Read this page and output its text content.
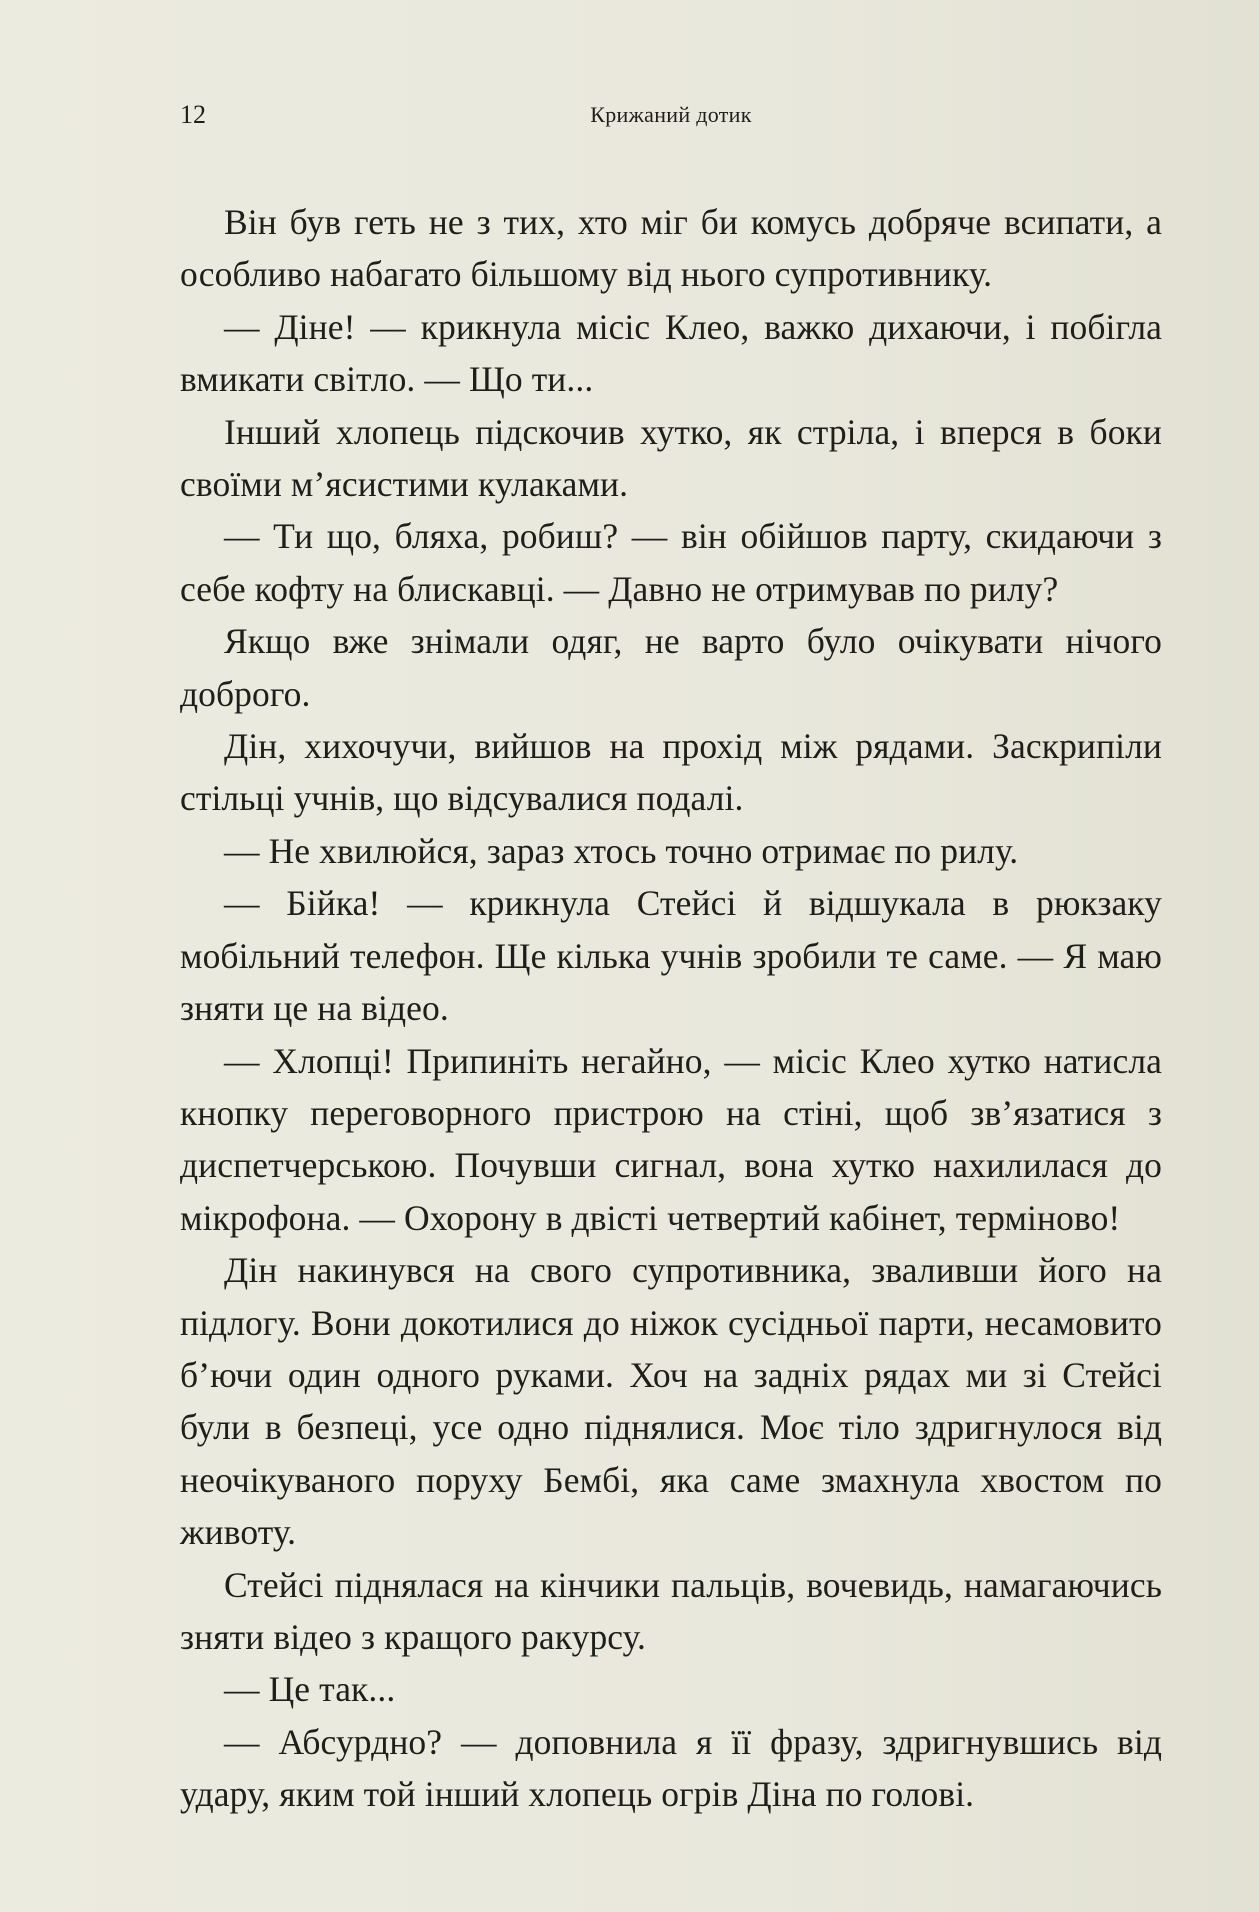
12	Крижаний дотик

Він був геть не з тих, хто міг би комусь добряче всипати, а особливо набагато більшому від нього супротивнику.

— Діне! — крикнула місіс Клео, важко дихаючи, і побігла вмикати світло. — Що ти...

Інший хлопець підскочив хутко, як стріла, і вперся в боки своїми м’ясистими кулаками.

— Ти що, бляха, робиш? — він обійшов парту, скидаючи з себе кофту на блискавці. — Давно не отримував по рилу?

Якщо вже знімали одяг, не варто було очікувати нічого доброго.

Дін, хихочучи, вийшов на прохід між рядами. Заскрипіли стільці учнів, що відсувалися подалі.

— Не хвилюйся, зараз хтось точно отримає по рилу.

— Бійка! — крикнула Стейсі й відшукала в рюкзаку мобільний телефон. Ще кілька учнів зробили те саме. — Я маю зняти це на відео.

— Хлопці! Припиніть негайно, — місіс Клео хутко натисла кнопку переговорного пристрою на стіні, щоб зв’язатися з диспетчерською. Почувши сигнал, вона хутко нахилилася до мікрофона. — Охорону в двісті четвертий кабінет, терміново!

Дін накинувся на свого супротивника, зваливши його на підлогу. Вони докотилися до ніжок сусідньої парти, несамовито б’ючи один одного руками. Хоч на задніх рядах ми зі Стейсі були в безпеці, усе одно піднялися. Моє тіло здригнулося від неочікуваного поруху Бембі, яка саме змахнула хвостом по животу.

Стейсі піднялася на кінчики пальців, вочевидь, намагаючись зняти відео з кращого ракурсу.

— Це так...

— Абсурдно? — доповнила я її фразу, здригнувшись від удару, яким той інший хлопець огрів Діна по голові.
